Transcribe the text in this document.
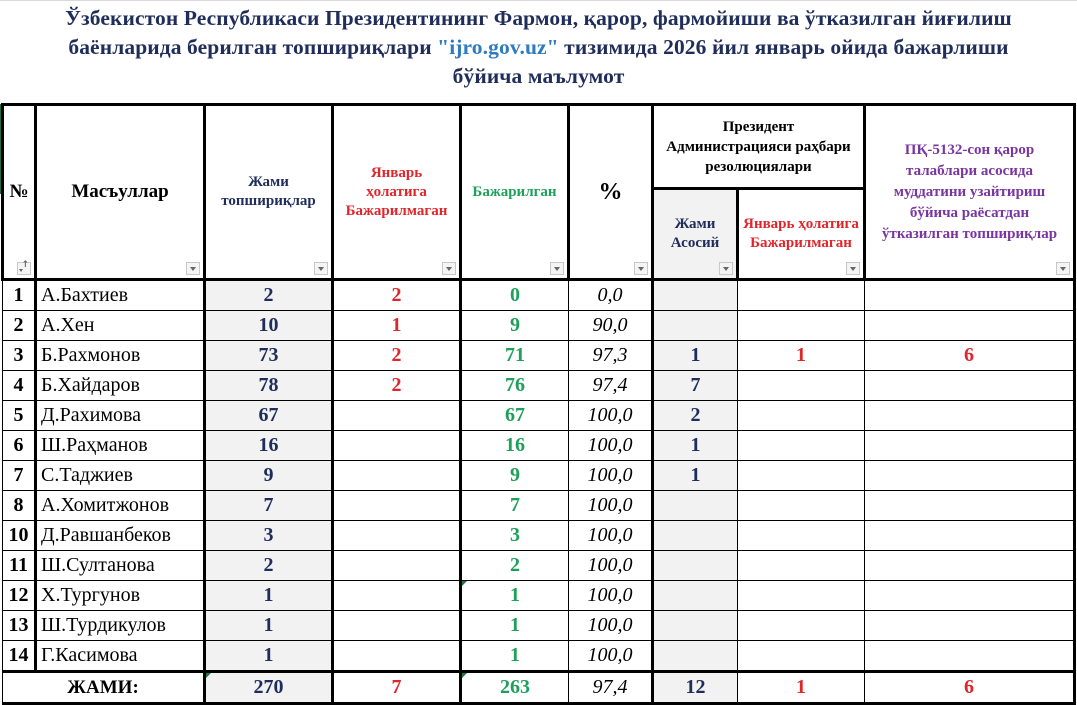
Ўзбекистон Республикаси Президентининг Фармон, қарор, фармойиши ва ўтказилган йиғилиш
баёнларида берилган топшириқлари "ijro.gov.uz" тизимида 2026 йил январь ойида бажарлиши
бўйича маълумот
№
↑	Масъуллар	Жами топшириқлар	Январь ҳолатига Бажарилмаган	Бажарилган	%	Президент Администрацияси раҳбари резолюциялари		ПҚ-5132-сон қарор талаблари асосида муддатини узайтириш бўйича раёсатдан ўтказилган топшириқлар

						Жами Асосий	Январь ҳолатига Бажарилмаган	

1	А.Бахтиев	2	2	0	0,0			
2	А.Хен	10	1	9	90,0			
3	Б.Рахмонов	73	2	71	97,3	1	1	6
4	Б.Хайдаров	78	2	76	97,4	7		
5	Д.Рахимова	67		67	100,0	2		
6	Ш.Раҳманов	16		16	100,0	1		
7	С.Таджиев	9		9	100,0	1		
8	А.Хомитжонов	7		7	100,0			
10	Д.Равшанбеков	3		3	100,0			
11	Ш.Султанова	2		2	100,0			
12	Х.Тургунов	1		1	100,0			
13	Ш.Турдикулов	1		1	100,0			
14	Г.Касимова	1		1	100,0			
ЖАМИ:		270	7	263	97,4	12	1	6
